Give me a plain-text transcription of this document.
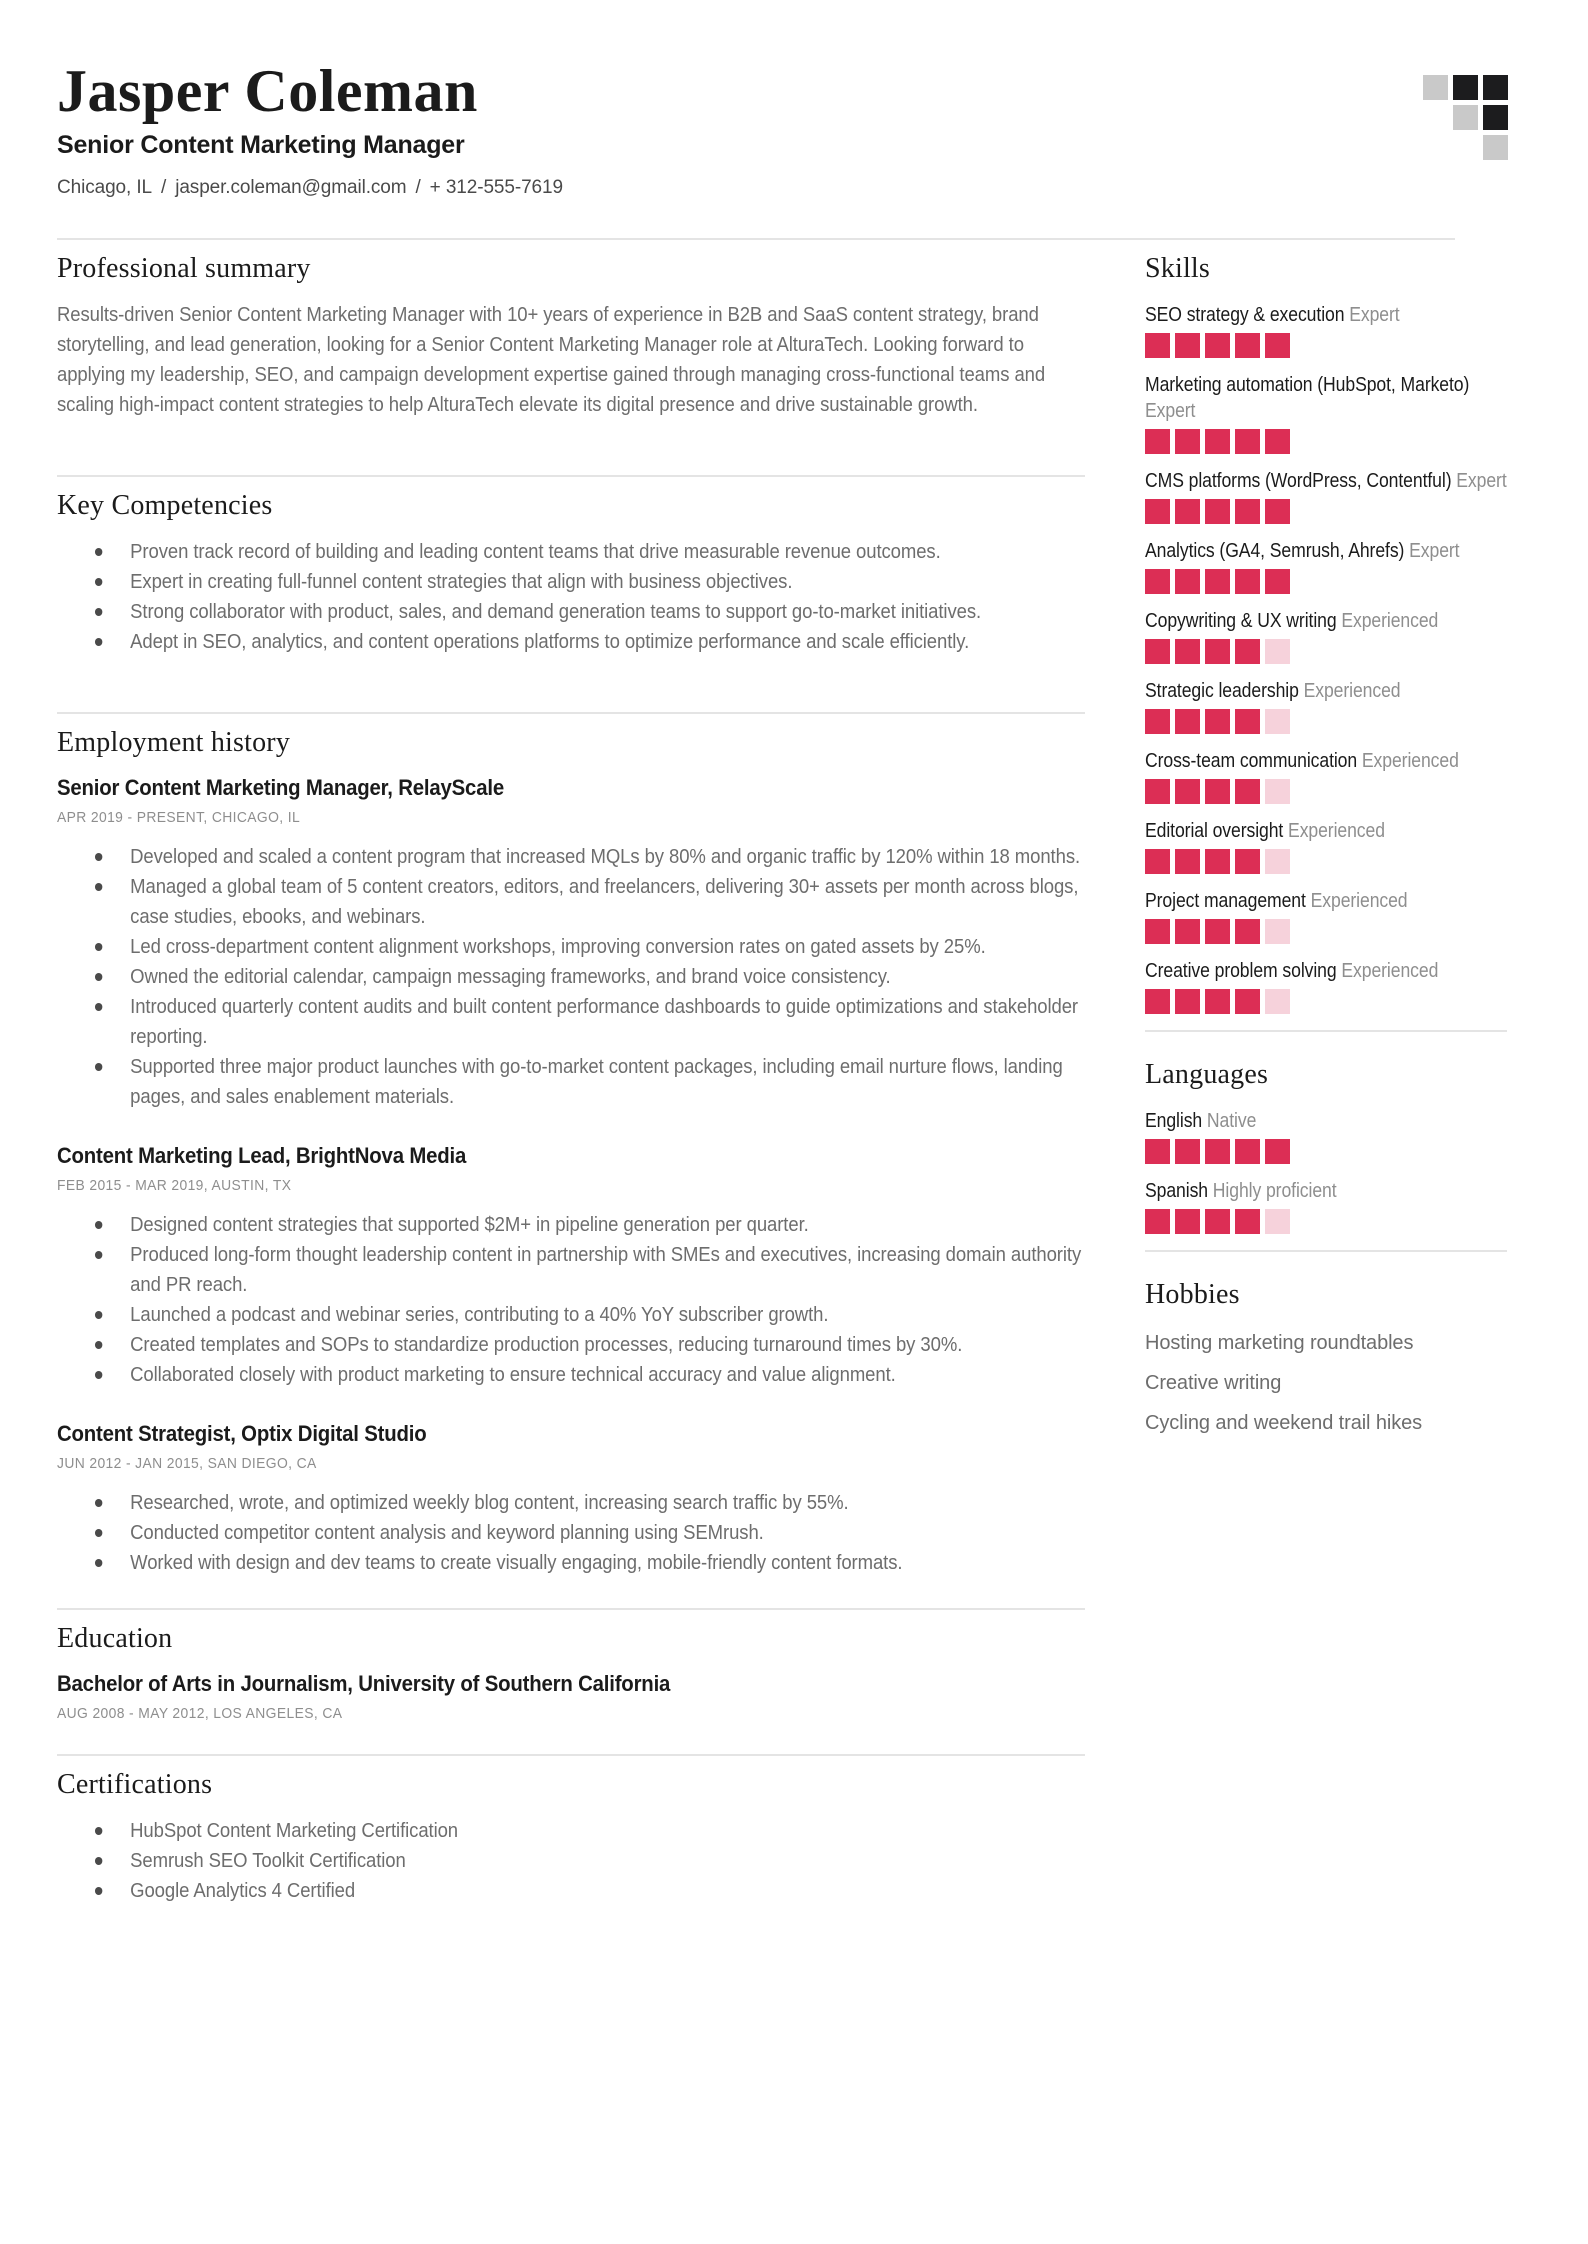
Jasper Coleman
Senior Content Marketing Manager
Chicago, IL / jasper.coleman@gmail.com / + 312-555-7619
Professional summary

Results-driven Senior Content Marketing Manager with 10+ years of experience in B2B and SaaS content strategy, brand storytelling, and lead generation, looking for a Senior Content Marketing Manager role at AlturaTech. Looking forward to applying my leadership, SEO, and campaign development expertise gained through managing cross-functional teams and scaling high-impact content strategies to help AlturaTech elevate its digital presence and drive sustainable growth.

Key Competencies
Proven track record of building and leading content teams that drive measurable revenue outcomes.
Expert in creating full-funnel content strategies that align with business objectives.
Strong collaborator with product, sales, and demand generation teams to support go-to-market initiatives.
Adept in SEO, analytics, and content operations platforms to optimize performance and scale efficiently.
Employment history
Senior Content Marketing Manager, RelayScale
APR 2019 - PRESENT, CHICAGO, IL
Developed and scaled a content program that increased MQLs by 80% and organic traffic by 120% within 18 months.
Managed a global team of 5 content creators, editors, and freelancers, delivering 30+ assets per month across blogs, case studies, ebooks, and webinars.
Led cross-department content alignment workshops, improving conversion rates on gated assets by 25%.
Owned the editorial calendar, campaign messaging frameworks, and brand voice consistency.
Introduced quarterly content audits and built content performance dashboards to guide optimizations and stakeholder reporting.
Supported three major product launches with go-to-market content packages, including email nurture flows, landing pages, and sales enablement materials.
Content Marketing Lead, BrightNova Media
FEB 2015 - MAR 2019, AUSTIN, TX
Designed content strategies that supported $2M+ in pipeline generation per quarter.
Produced long-form thought leadership content in partnership with SMEs and executives, increasing domain authority and PR reach.
Launched a podcast and webinar series, contributing to a 40% YoY subscriber growth.
Created templates and SOPs to standardize production processes, reducing turnaround times by 30%.
Collaborated closely with product marketing to ensure technical accuracy and value alignment.
Content Strategist, Optix Digital Studio
JUN 2012 - JAN 2015, SAN DIEGO, CA
Researched, wrote, and optimized weekly blog content, increasing search traffic by 55%.
Conducted competitor content analysis and keyword planning using SEMrush.
Worked with design and dev teams to create visually engaging, mobile-friendly content formats.
Education
Bachelor of Arts in Journalism, University of Southern California
AUG 2008 - MAY 2012, LOS ANGELES, CA
Certifications
HubSpot Content Marketing Certification
Semrush SEO Toolkit Certification
Google Analytics 4 Certified
Skills
SEO strategy & execution Expert
Marketing automation (HubSpot, Marketo) Expert
CMS platforms (WordPress, Contentful) Expert
Analytics (GA4, Semrush, Ahrefs) Expert
Copywriting & UX writing Experienced
Strategic leadership Experienced
Cross-team communication Experienced
Editorial oversight Experienced
Project management Experienced
Creative problem solving Experienced
Languages
English Native
Spanish Highly proficient
Hobbies
Hosting marketing roundtables
Creative writing
Cycling and weekend trail hikes
